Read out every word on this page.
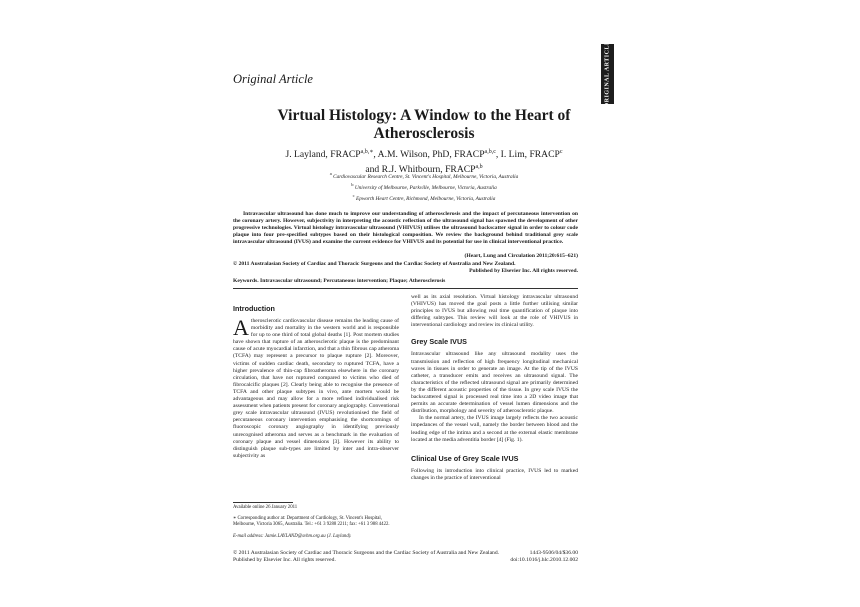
ORIGINAL ARTICLE
Original Article
Virtual Histology: A Window to the Heart of
Atherosclerosis
J. Layland, $FRACP^{a,b,∗}$, A.M. Wilson, PhD, FRACP$^{a,b,c}$, I. Lim, FRACP$^c$
and R.J. Whitbourn, FRACP$^{a,b}$
$^a$ Cardiovascular Research Centre, St. Vincent's Hospital, Melbourne, Victoria, Australia
$^b$ University of Melbourne, Parkville, Melbourne, Victoria, Australia
$^c$ Epworth Heart Centre, Richmond, Melbourne, Victoria, Australia
Intravascular ultrasound has done much to improve our understanding of atherosclerosis and the impact of percutaneous intervention on the coronary artery. However, subjectivity in interpreting the acoustic reflection of the ultrasound signal has spawned the development of other progressive technologies. Virtual histology intravascular ultrasound (VHIVUS) utilises the ultrasound backscatter signal in order to colour code plaque into four pre-specified subtypes based on their histological composition. We review the background behind traditional grey scale intravascular ultrasound (IVUS) and examine the current evidence for VHIVUS and its potential for use in clinical interventional practice.
(Heart, Lung and Circulation 2011;20:615–621)
© 2011 Australasian Society of Cardiac and Thoracic Surgeons and the Cardiac Society of Australia and New Zealand.
Published by Elsevier Inc. All rights reserved.
Keywords. Intravascular ultrasound; Percutaneous intervention; Plaque; Atherosclerosis
Introduction

Atherosclerotic cardiovascular disease remains the leading cause of morbidity and mortality in the western world and is responsible for up to one third of total global deaths [1]. Post mortem studies have shown that rupture of an atherosclerotic plaque is the predominant cause of acute myocardial infarction, and that a thin fibrous cap atheroma (TCFA) may represent a precursor to plaque rupture [2]. Moreover, victims of sudden cardiac death, secondary to ruptured TCFA, have a higher prevalence of thin-cap fibroatheroma elsewhere in the coronary circulation, that have not ruptured compared to victims who died of fibrocalcific plaques [2]. Clearly being able to recognise the presence of TCFA and other plaque subtypes in vivo, ante mortem would be advantageous and may allow for a more refined individualised risk assessment when patients present for coronary angiography. Conventional grey scale intravascular ultrasound (IVUS) revolutionised the field of percutaneous coronary intervention emphasising the shortcomings of fluoroscopic coronary angiography in identifying previously unrecognised atheroma and serves as a benchmark in the evaluation of coronary plaque and vessel dimensions [3]. However its ability to distinguish plaque sub-types are limited by inter and intra-observer subjectivity as

Available online 26 January 2011
∗ Corresponding author at: Department of Cardiology, St. Vincent's Hospital, Melbourne, Victoria 3065, Australia. Tel.: +61 3 9288 2211; fax: +61 3 988 4422.
E-mail address: Jamie.LAYLAND@svhm.org.au (J. Layland).

well as its axial resolution. Virtual histology intravascular ultrasound (VHIVUS) has moved the goal posts a little further utilising similar principles to IVUS but allowing real time quantification of plaque into differing subtypes. This review will look at the role of VHIVUS in interventional cardiology and review its clinical utility.

Grey Scale IVUS

Intravascular ultrasound like any ultrasound modality uses the transmission and reflection of high frequency longitudinal mechanical waves in tissues in order to generate an image. At the tip of the IVUS catheter, a transducer emits and receives an ultrasound signal. The characteristics of the reflected ultrasound signal are primarily determined by the different acoustic properties of the tissue. In grey scale IVUS the backscattered signal is processed real time into a 2D video image that permits an accurate determination of vessel lumen dimensions and the distribution, morphology and severity of atherosclerotic plaque.

In the normal artery, the IVUS image largely reflects the two acoustic impedances of the vessel wall, namely the border between blood and the leading edge of the intima and a second at the external elastic membrane located at the media adventitia border [4] (Fig. 1).

Clinical Use of Grey Scale IVUS

Following its introduction into clinical practice, IVUS led to marked changes in the practice of interventional

© 2011 Australasian Society of Cardiac and Thoracic Surgeons and the Cardiac Society of Australia and New Zealand. Published by Elsevier Inc. All rights reserved.
1443-9506/04/$36.00
doi:10.1016/j.hlc.2010.12.002
